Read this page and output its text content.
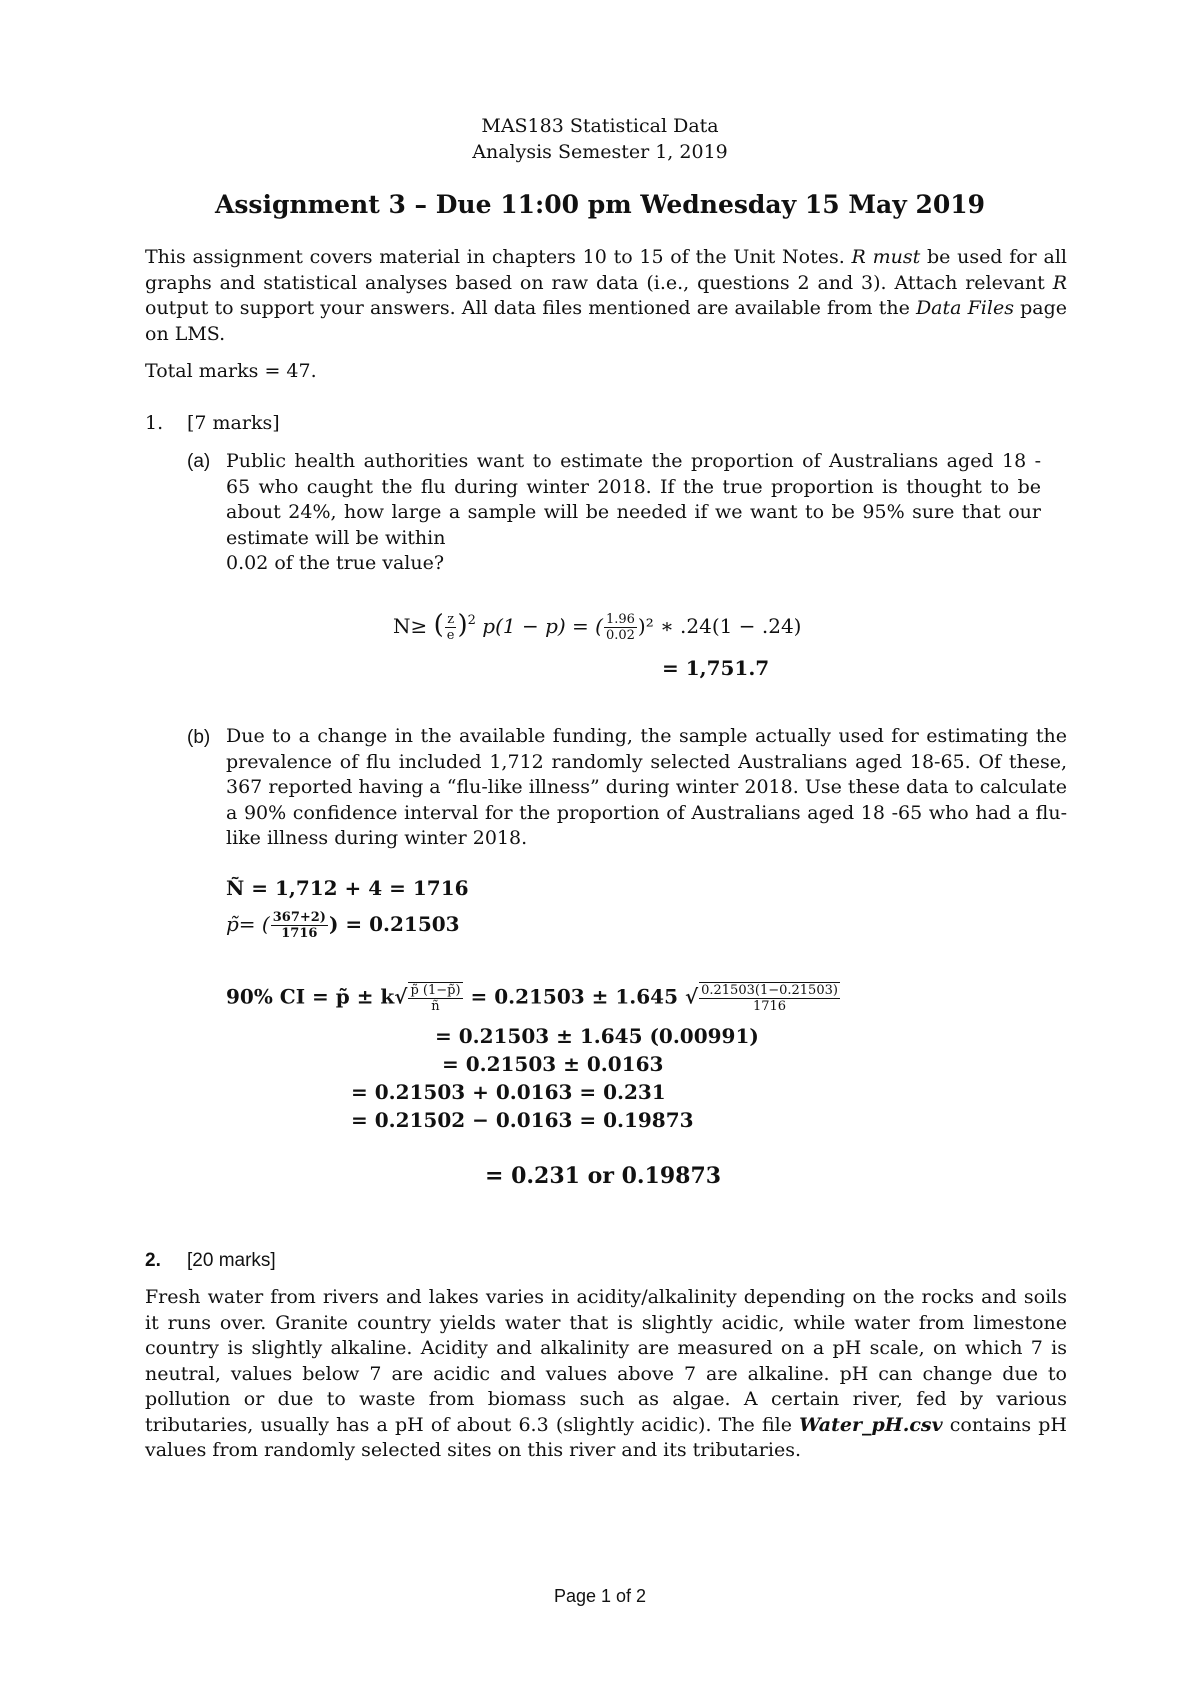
MAS183 Statistical Data
Analysis Semester 1, 2019
Assignment 3 – Due 11:00 pm Wednesday 15 May 2019
This assignment covers material in chapters 10 to 15 of the Unit Notes. R must be used for all graphs and statistical analyses based on raw data (i.e., questions 2 and 3). Attach relevant R output to support your answers. All data files mentioned are available from the Data Files page on LMS.
Total marks = 47.
1. [7 marks]
(a) Public health authorities want to estimate the proportion of Australians aged 18 - 65 who caught the flu during winter 2018. If the true proportion is thought to be about 24%, how large a sample will be needed if we want to be 95% sure that our estimate will be within
0.02 of the true value?
N≥ ( $\frac{z}{e} )^2$ p(1 − p) = ( $\frac{1.96}{0.02} )^2$ ∗ .24(1 − .24)
= 1,751.7
(b) Due to a change in the available funding, the sample actually used for estimating the prevalence of flu included 1,712 randomly selected Australians aged 18-65. Of these, 367 reported having a “flu-like illness” during winter 2018. Use these data to calculate a 90% confidence interval for the proportion of Australians aged 18 -65 who had a flu-like illness during winter 2018.
Ñ = 1,712 + 4 = 1716
p̃= ( $\frac{367+2)}{1716}$ ) = 0.21503
90% CI = p̃ ± $k√ \frac{p̃ (1-p̃)}{ñ} = 0.21503 \pm 1.645$ √ $\frac{0.21503(1-0.21503)}{1716}$
= 0.21503 ± 1.645 (0.00991)
= 0.21503 ± 0.0163
= 0.21503 + 0.0163 = 0.231
= 0.21502 − 0.0163 = 0.19873
= 0.231 or 0.19873
2. [20 marks]
Fresh water from rivers and lakes varies in acidity/alkalinity depending on the rocks and soils it runs over. Granite country yields water that is slightly acidic, while water from limestone country is slightly alkaline. Acidity and alkalinity are measured on a pH scale, on which 7 is neutral, values below 7 are acidic and values above 7 are alkaline. pH can change due to pollution or due to waste from biomass such as algae. A certain river, fed by various tributaries, usually has a pH of about 6.3 (slightly acidic). The file Water_pH.csv contains pH values from randomly selected sites on this river and its tributaries.
Page 1 of 2
